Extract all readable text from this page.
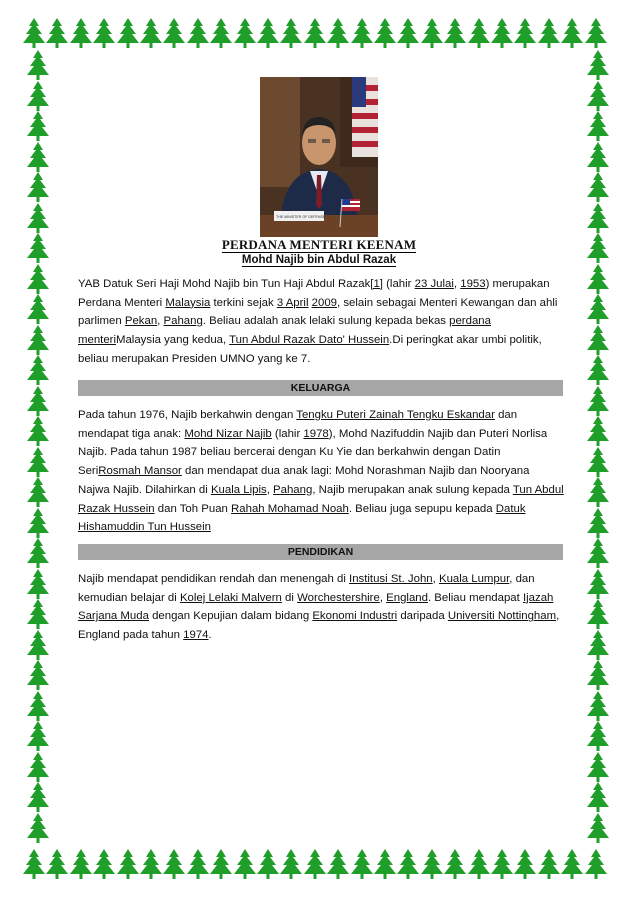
THE MINISTER OF DEFENSE
PERDANA MENTERI KEENAM
Mohd Najib bin Abdul Razak
YAB Datuk Seri Haji Mohd Najib bin Tun Haji Abdul Razak[1] (lahir 23 Julai, 1953) merupakan Perdana Menteri Malaysia terkini sejak 3 April 2009, selain sebagai Menteri Kewangan dan ahli parlimen Pekan, Pahang. Beliau adalah anak lelaki sulung kepada bekas perdana menteriMalaysia yang kedua, Tun Abdul Razak Dato' Hussein.Di peringkat akar umbi politik, beliau merupakan Presiden UMNO yang ke 7.
KELUARGA
Pada tahun 1976, Najib berkahwin dengan Tengku Puteri Zainah Tengku Eskandar dan mendapat tiga anak: Mohd Nizar Najib (lahir 1978), Mohd Nazifuddin Najib dan Puteri Norlisa Najib. Pada tahun 1987 beliau bercerai dengan Ku Yie dan berkahwin dengan Datin SeriRosmah Mansor dan mendapat dua anak lagi: Mohd Norashman Najib dan Nooryana Najwa Najib. Dilahirkan di Kuala Lipis, Pahang, Najib merupakan anak sulung kepada Tun Abdul Razak Hussein dan Toh Puan Rahah Mohamad Noah. Beliau juga sepupu kepada Datuk Hishamuddin Tun Hussein
PENDIDIKAN
Najib mendapat pendidikan rendah dan menengah di Institusi St. John, Kuala Lumpur, dan kemudian belajar di Kolej Lelaki Malvern di Worchestershire, England. Beliau mendapat Ijazah Sarjana Muda dengan Kepujian dalam bidang Ekonomi Industri daripada Universiti Nottingham, England pada tahun 1974.
